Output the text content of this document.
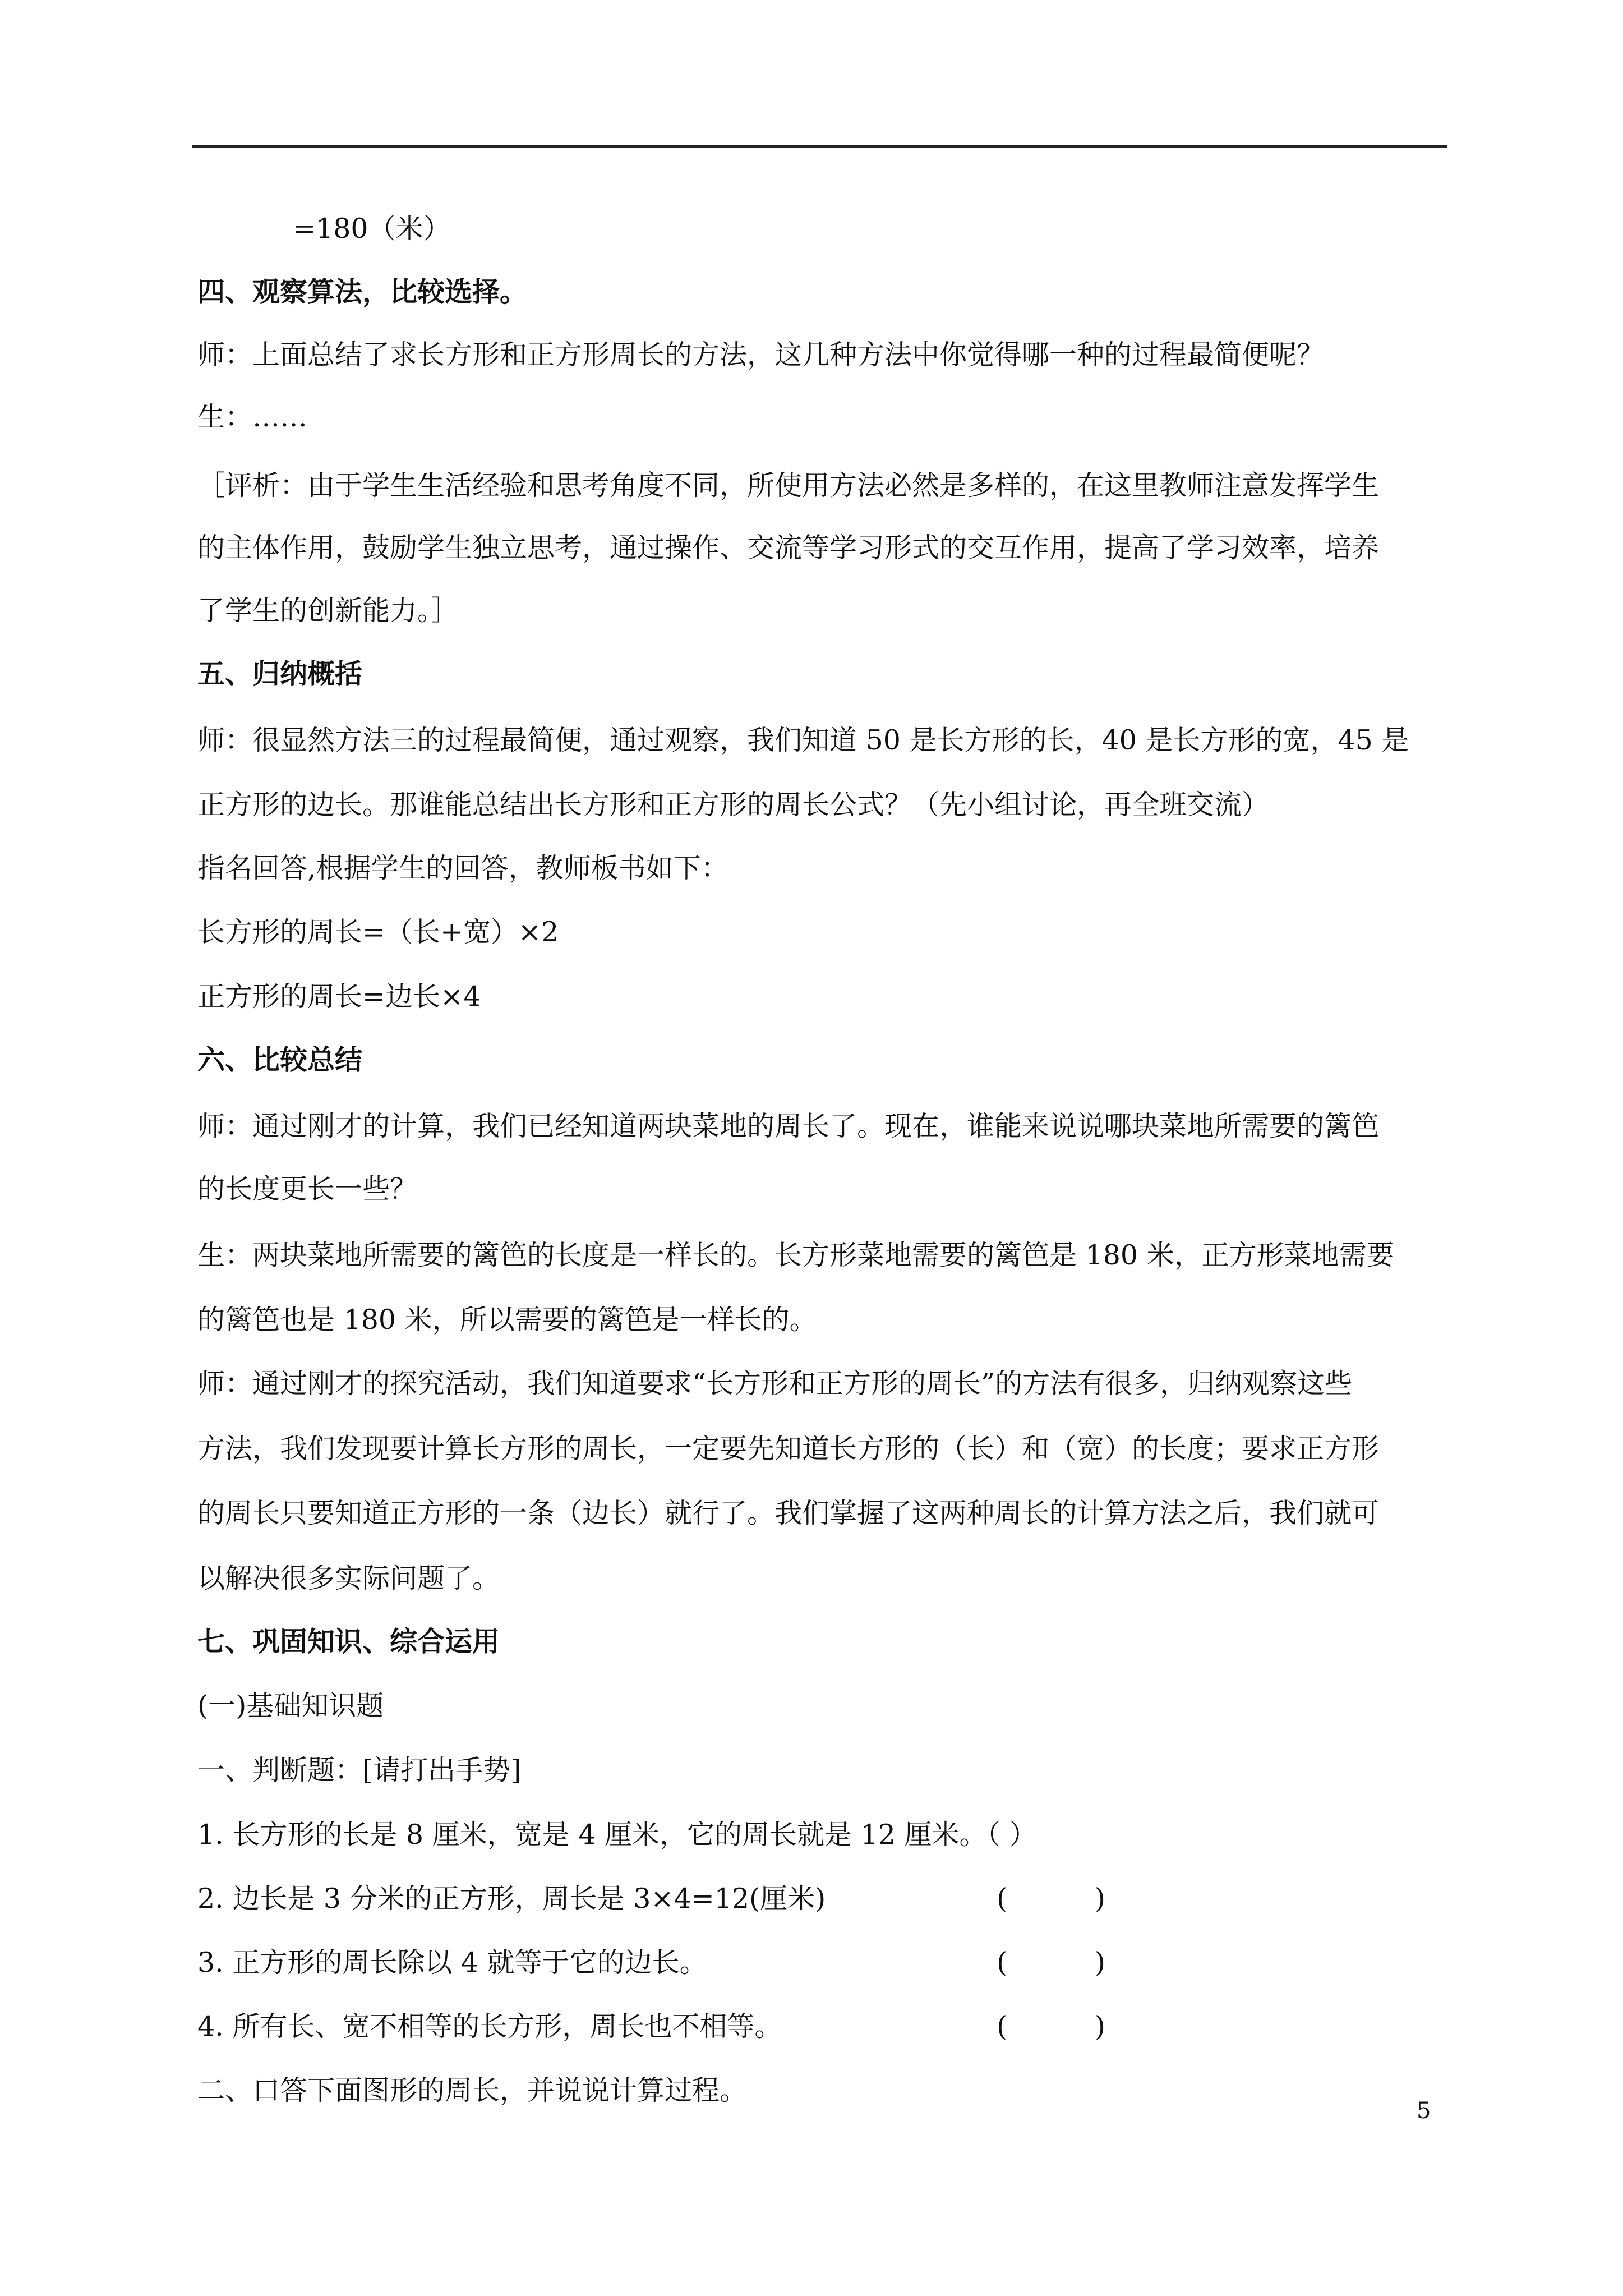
=180（米）
四、观察算法，比较选择。
师：上面总结了求长方形和正方形周长的方法，这几种方法中你觉得哪一种的过程最简便呢？
生：……
［评析：由于学生生活经验和思考角度不同，所使用方法必然是多样的，在这里教师注意发挥学生
的主体作用，鼓励学生独立思考，通过操作、交流等学习形式的交互作用，提高了学习效率，培养
了学生的创新能力。］
五、归纳概括
师：很显然方法三的过程最简便，通过观察，我们知道 50 是长方形的长，40 是长方形的宽，45 是
正方形的边长。那谁能总结出长方形和正方形的周长公式？（先小组讨论，再全班交流）
指名回答,根据学生的回答，教师板书如下：
长方形的周长=（长+宽）×2
正方形的周长=边长×4
六、比较总结
师：通过刚才的计算，我们已经知道两块菜地的周长了。现在，谁能来说说哪块菜地所需要的篱笆
的长度更长一些？
生：两块菜地所需要的篱笆的长度是一样长的。长方形菜地需要的篱笆是 180 米，正方形菜地需要
的篱笆也是 180 米，所以需要的篱笆是一样长的。
师：通过刚才的探究活动，我们知道要求“长方形和正方形的周长”的方法有很多，归纳观察这些
方法，我们发现要计算长方形的周长，一定要先知道长方形的（长）和（宽）的长度；要求正方形
的周长只要知道正方形的一条（边长）就行了。我们掌握了这两种周长的计算方法之后，我们就可
以解决很多实际问题了。
七、巩固知识、综合运用
(一)基础知识题
一、判断题：[请打出手势]
1. 长方形的长是 8 厘米，宽是 4 厘米，它的周长就是 12 厘米。（ ）
2. 边长是 3 分米的正方形，周长是 3×4=12(厘米)	(          )
3. 正方形的周长除以 4 就等于它的边长。	(          )
4. 所有长、宽不相等的长方形，周长也不相等。	(          )
二、口答下面图形的周长，并说说计算过程。
5
